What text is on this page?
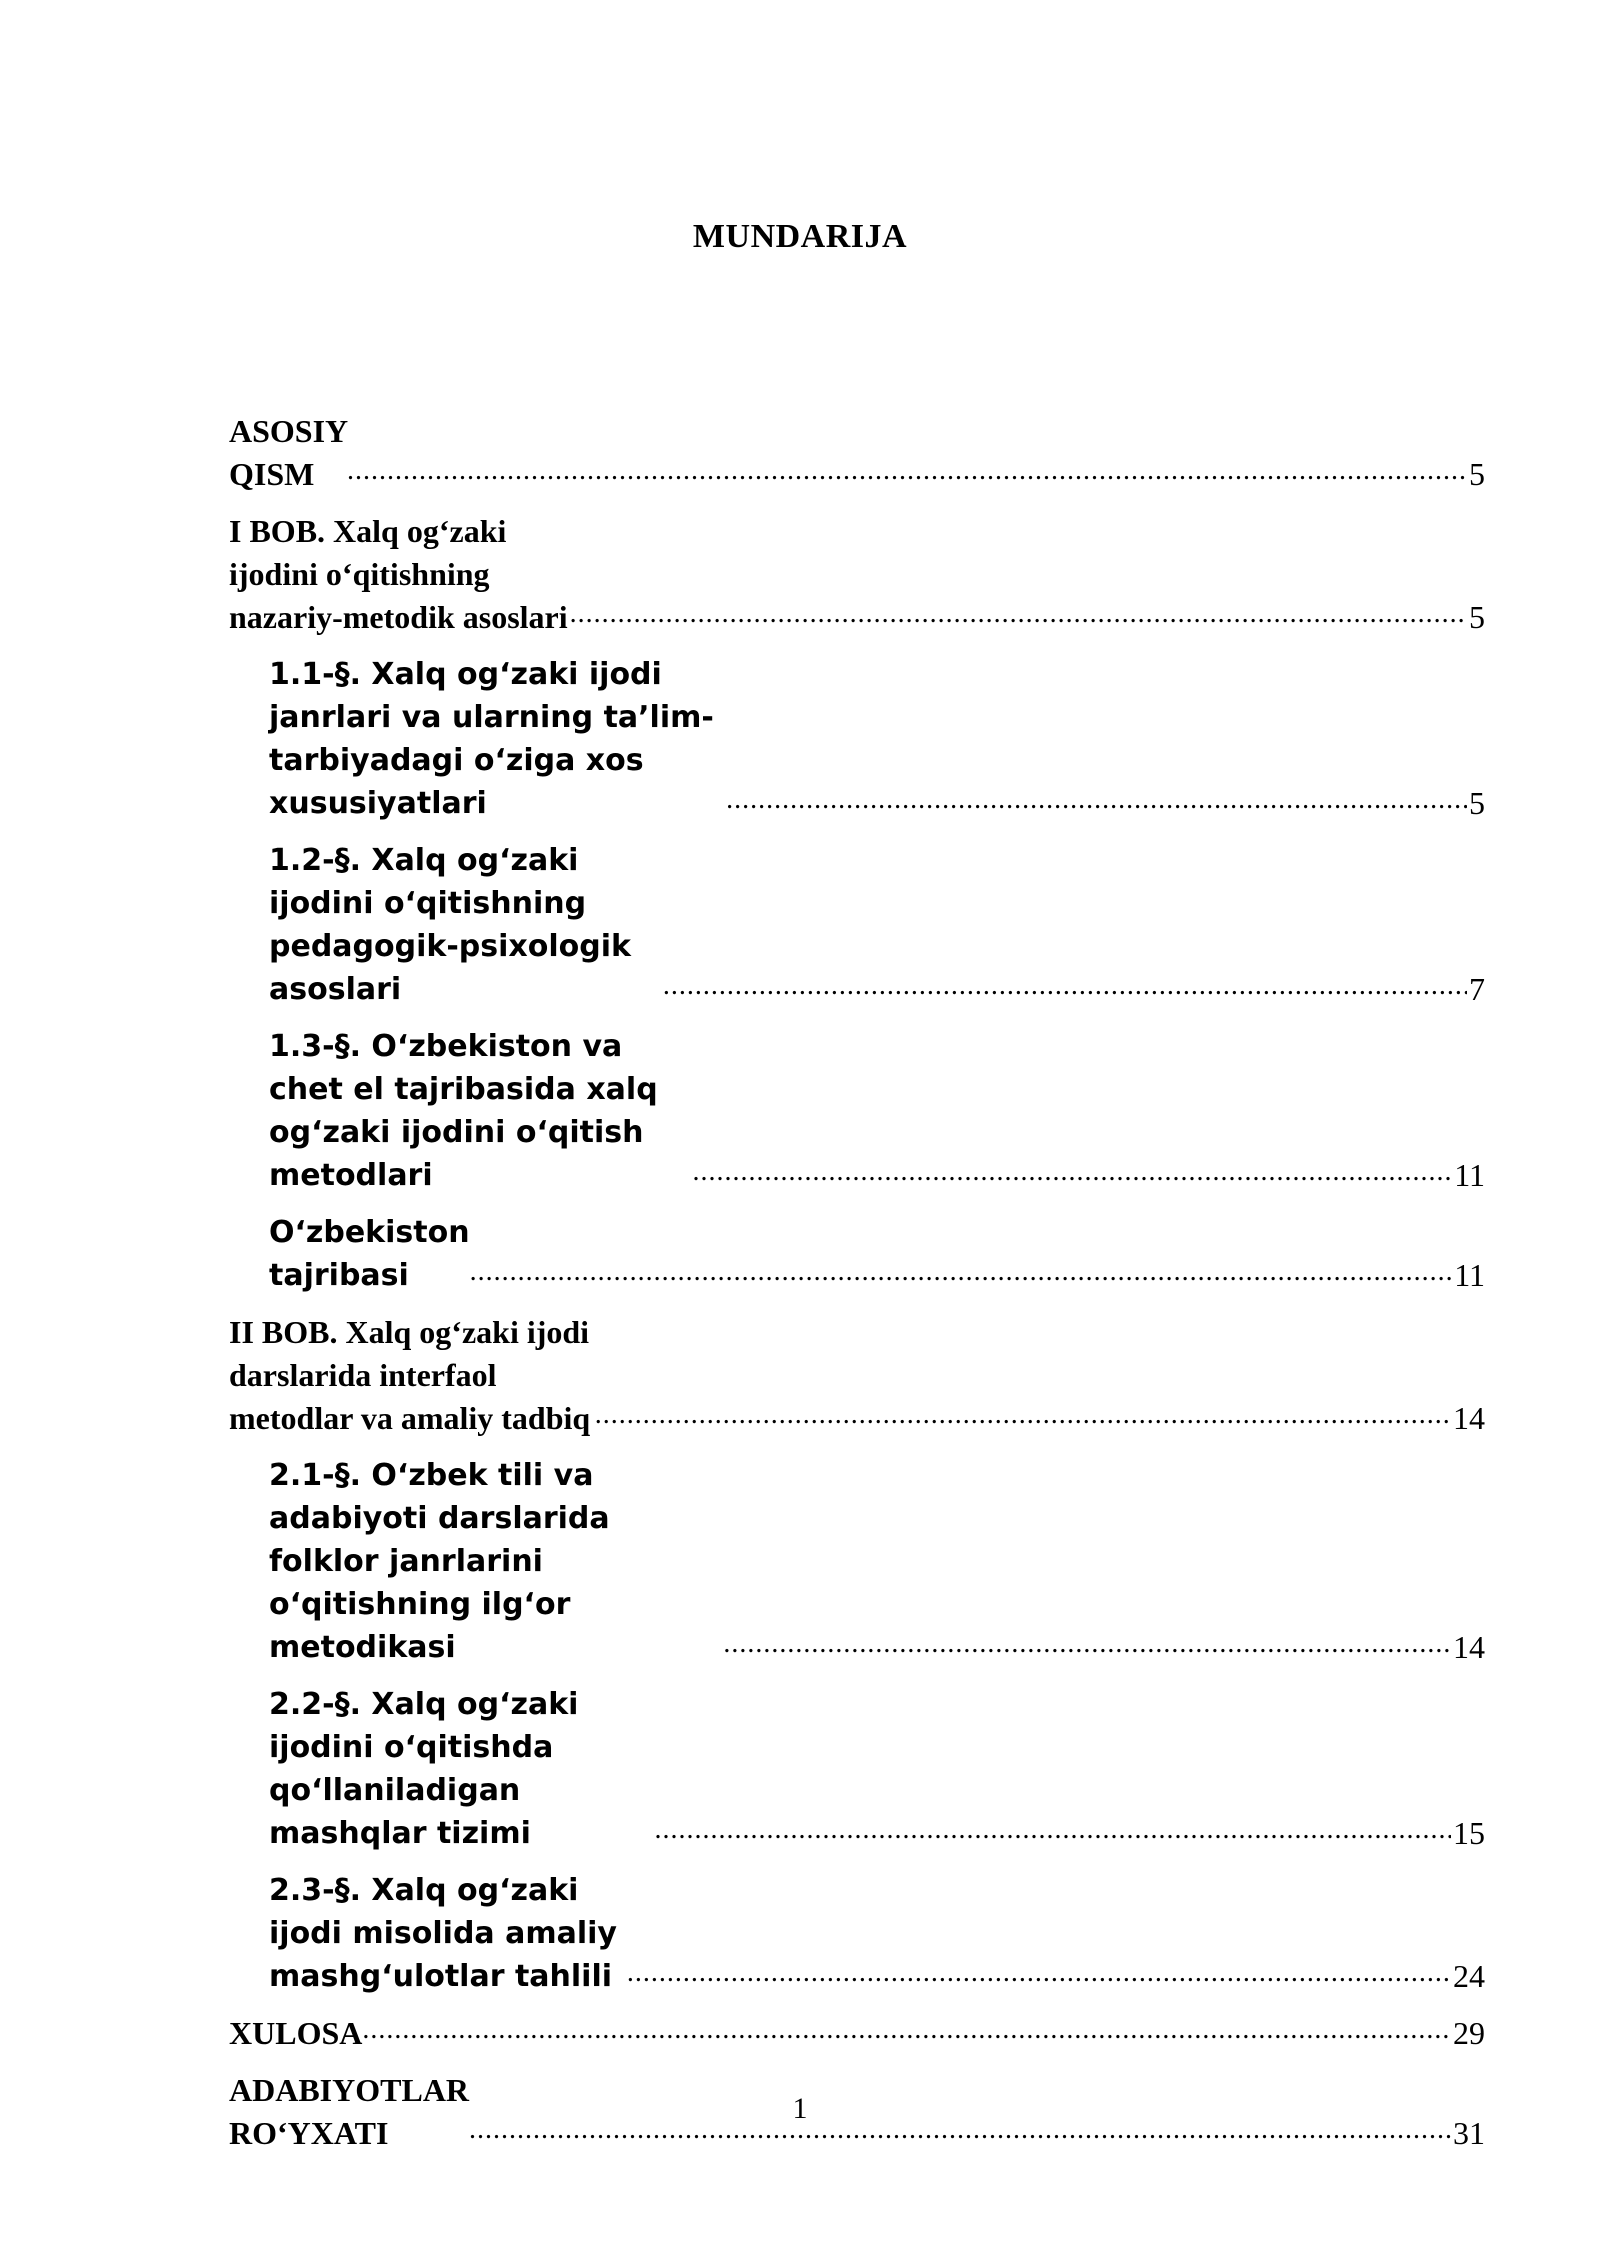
MUNDARIJA
ASOSIY QISM .....	5
I BOB. Xalq og‘zaki ijodini o‘qitishning nazariy-metodik asoslari .....	5
1.1-§. Xalq og‘zaki ijodi janrlari va ularning ta’lim-tarbiyadagi o‘ziga xos xususiyatlari .....	5
1.2-§. Xalq og‘zaki ijodini o‘qitishning pedagogik-psixologik asoslari .....	7
1.3-§. O‘zbekiston va chet el tajribasida xalq og‘zaki ijodini o‘qitish metodlari .....	11
O‘zbekiston tajribasi .....	11
II BOB. Xalq og‘zaki ijodi darslarida interfaol metodlar va amaliy tadbiq .....	14
2.1-§. O‘zbek tili va adabiyoti darslarida folklor janrlarini o‘qitishning ilg‘or metodikasi .....	14
2.2-§. Xalq og‘zaki ijodini o‘qitishda qo‘llaniladigan mashqlar tizimi .....	15
2.3-§. Xalq og‘zaki ijodi misolida amaliy mashg‘ulotlar tahlili .....	24
XULOSA .....	29
ADABIYOTLAR RO‘YXATI .....	31
1
